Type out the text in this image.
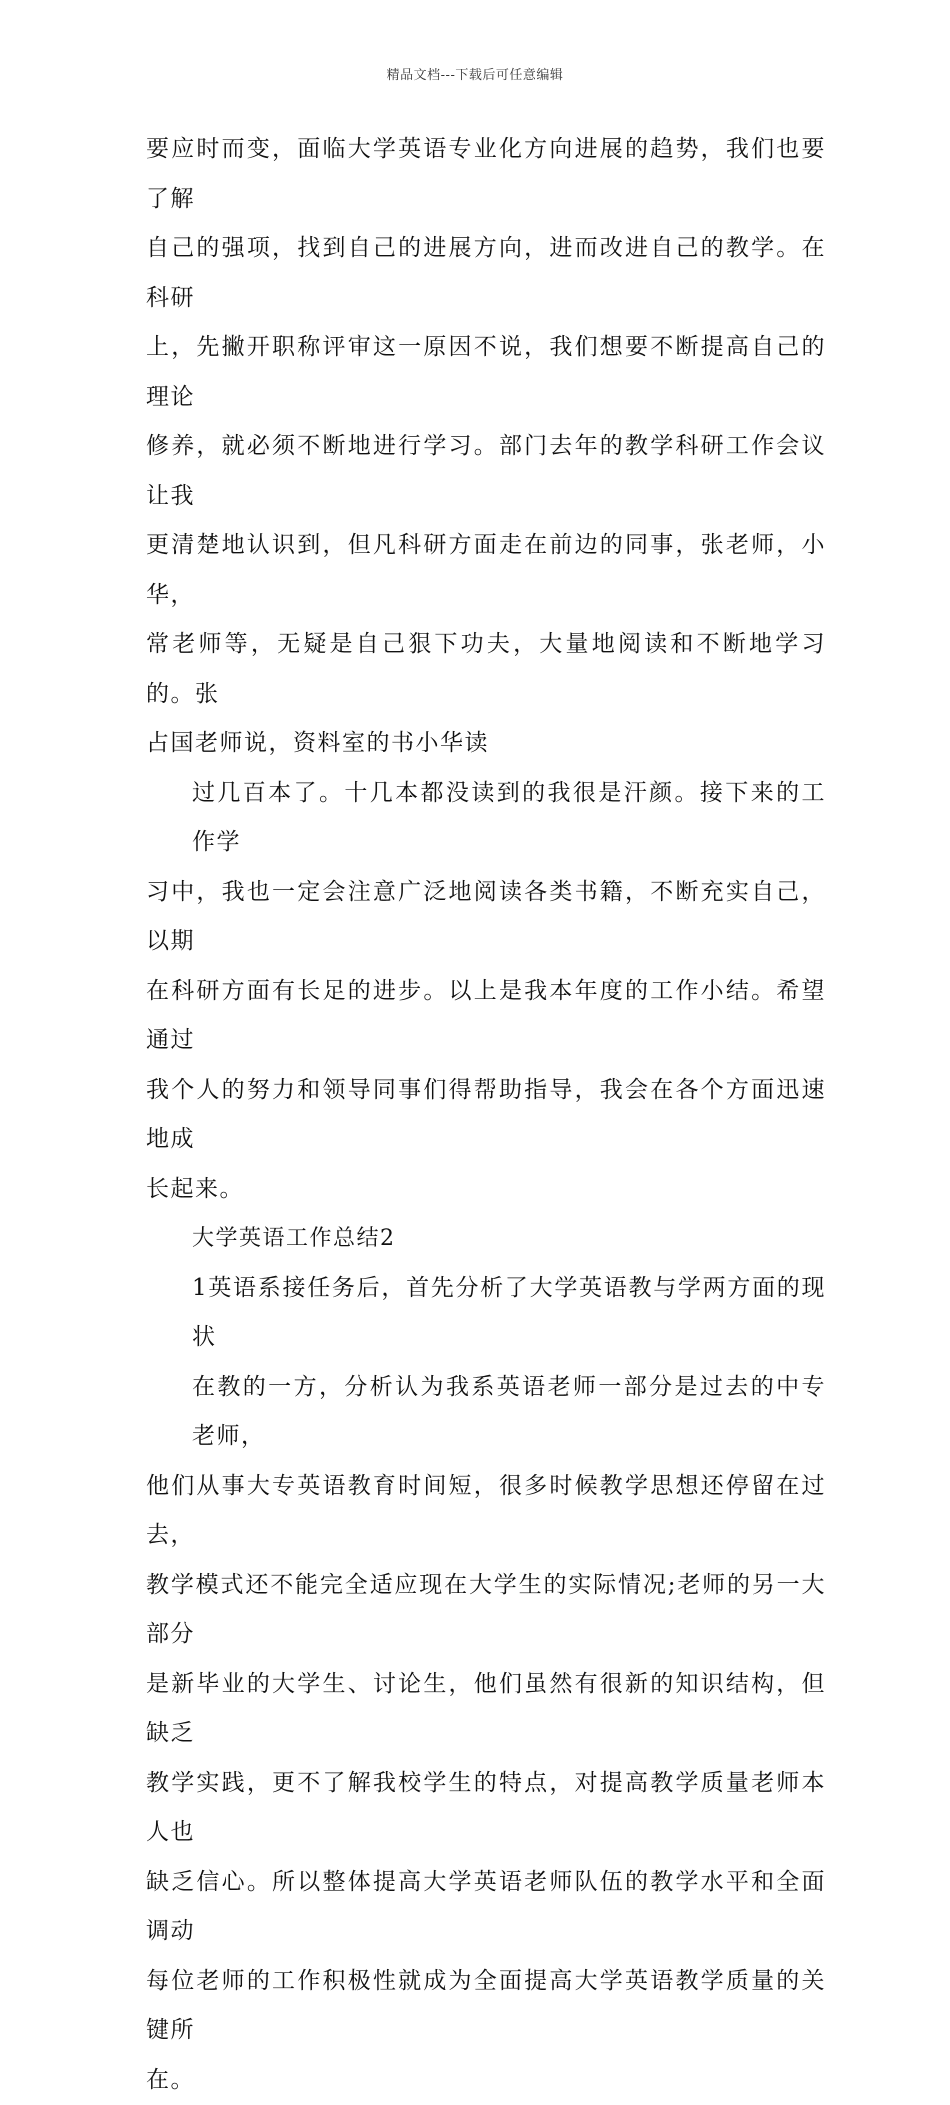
精品文档---下载后可任意编辑

要应时而变，面临大学英语专业化方向进展的趋势，我们也要了解
自己的强项，找到自己的进展方向，进而改进自己的教学。在科研
上，先撇开职称评审这一原因不说，我们想要不断提高自己的理论
修养，就必须不断地进行学习。部门去年的教学科研工作会议让我
更清楚地认识到，但凡科研方面走在前边的同事，张老师，小华，
常老师等，无疑是自己狠下功夫，大量地阅读和不断地学习的。张
占国老师说，资料室的书小华读

过几百本了。十几本都没读到的我很是汗颜。接下来的工作学
习中，我也一定会注意广泛地阅读各类书籍，不断充实自己，以期
在科研方面有长足的进步。以上是我本年度的工作小结。希望通过
我个人的努力和领导同事们得帮助指导，我会在各个方面迅速地成
长起来。

大学英语工作总结2

1英语系接任务后，首先分析了大学英语教与学两方面的现状

在教的一方，分析认为我系英语老师一部分是过去的中专老师，
他们从事大专英语教育时间短，很多时候教学思想还停留在过去，
教学模式还不能完全适应现在大学生的实际情况;老师的另一大部分
是新毕业的大学生、讨论生，他们虽然有很新的知识结构，但缺乏
教学实践，更不了解我校学生的特点，对提高教学质量老师本人也
缺乏信心。所以整体提高大学英语老师队伍的教学水平和全面调动
每位老师的工作积极性就成为全面提高大学英语教学质量的关键所
在。
